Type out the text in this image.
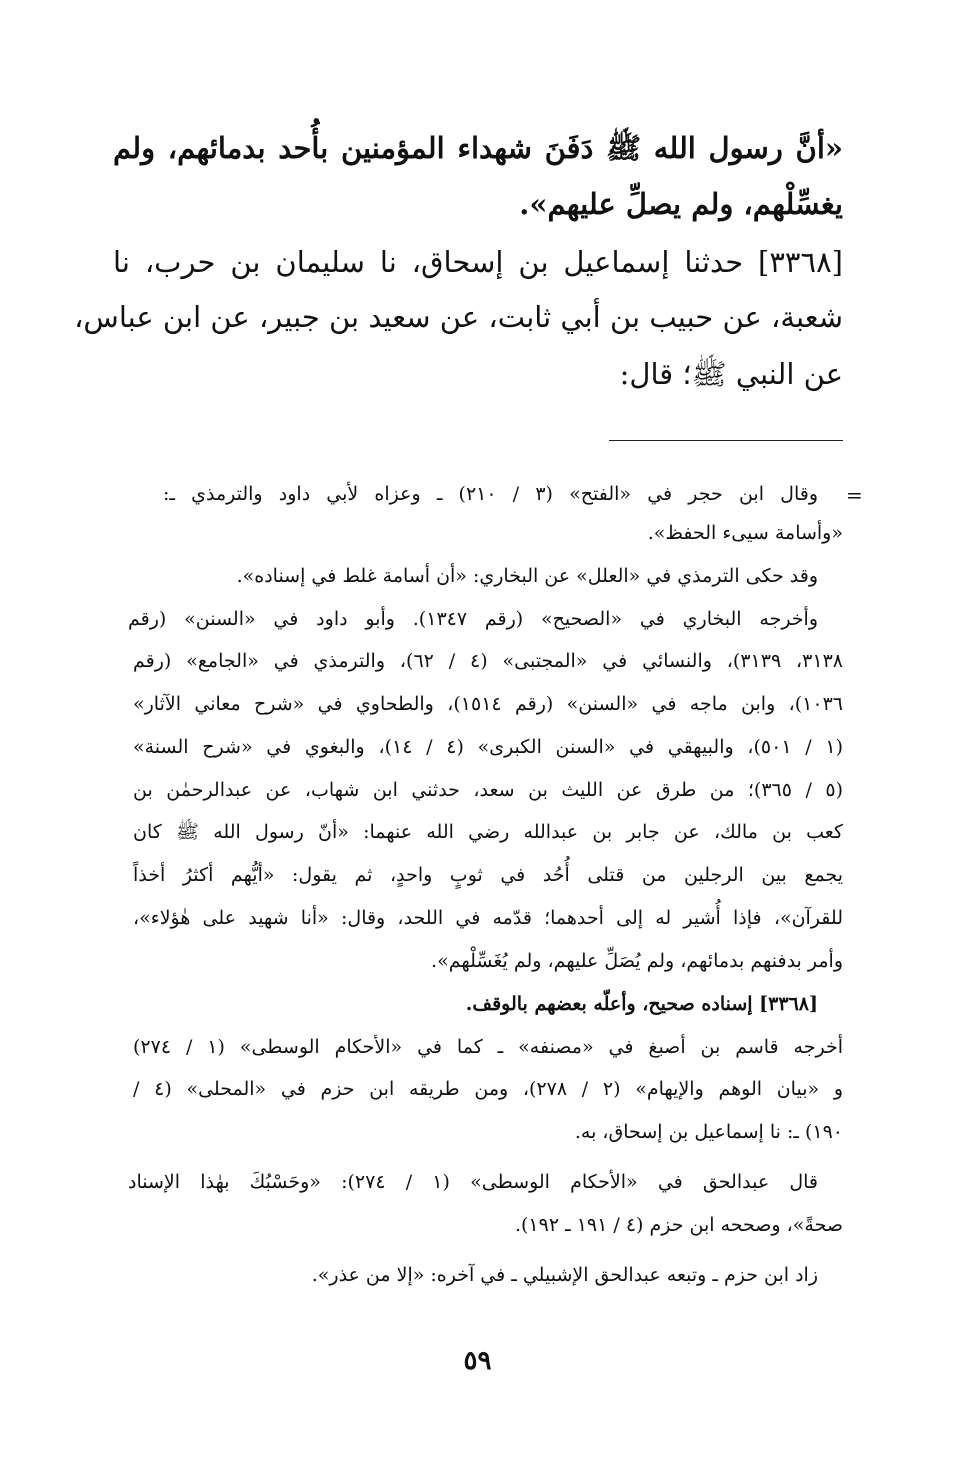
«أنَّ رسول الله ﷺ دَفَنَ شهداء المؤمنين بأُحد بدمائهم، ولم
يغسِّلْهم، ولم يصلِّ عليهم».
[٣٣٦٨] حدثنا إسماعيل بن إسحاق، نا سليمان بن حرب، نا
شعبة، عن حبيب بن أبي ثابت، عن سعيد بن جبير، عن ابن عباس،
عن النبي ﷺ؛ قال:
=
وقال ابن حجر في «الفتح» (٣ / ٢١٠) ـ وعزاه لأبي داود والترمذي ـ:
«وأسامة سيىء الحفظ».
وقد حكى الترمذي في «العلل» عن البخاري: «أن أسامة غلط في إسناده».
وأخرجه البخاري في «الصحيح» (رقم ١٣٤٧). وأبو داود في «السنن» (رقم
٣١٣٨، ٣١٣٩)، والنسائي في «المجتبى» (٤ / ٦٢)، والترمذي في «الجامع» (رقم
١٠٣٦)، وابن ماجه في «السنن» (رقم ١٥١٤)، والطحاوي في «شرح معاني الآثار»
(١ / ٥٠١)، والبيهقي في «السنن الكبرى» (٤ / ١٤)، والبغوي في «شرح السنة»
(٥ / ٣٦٥)؛ من طرق عن الليث بن سعد، حدثني ابن شهاب، عن عبدالرحمٰن بن
كعب بن مالك، عن جابر بن عبدالله رضي الله عنهما: «أنّ رسول الله ﷺ كان
يجمع بين الرجلين من قتلى أُحُد في ثوبٍ واحدٍ، ثم يقول: «أيُّهم أكثرُ أخذاً
للقرآن»، فإذا أُشير له إلى أحدهما؛ قدّمه في اللحد، وقال: «أنا شهيد على هٰؤلاء»،
وأمر بدفنهم بدمائهم، ولم يُصَلِّ عليهم، ولم يُغَسِّلْهم».
[٣٣٦٨] إسناده صحيح، وأعلّه بعضهم بالوقف.
أخرجه قاسم بن أصبغ في «مصنفه» ـ كما في «الأحكام الوسطى» (١ / ٢٧٤)
و «بيان الوهم والإيهام» (٢ / ٢٧٨)، ومن طريقه ابن حزم في «المحلى» (٤ /
١٩٠) ـ: نا إسماعيل بن إسحاق، به.
قال عبدالحق في «الأحكام الوسطى» (١ / ٢٧٤): «وحَسْبُكَ بهٰذا الإسناد
صحةً»، وصححه ابن حزم (٤ / ١٩١ ـ ١٩٢).
زاد ابن حزم ـ وتبعه عبدالحق الإشبيلي ـ في آخره: «إلا من عذر».
٥٩
